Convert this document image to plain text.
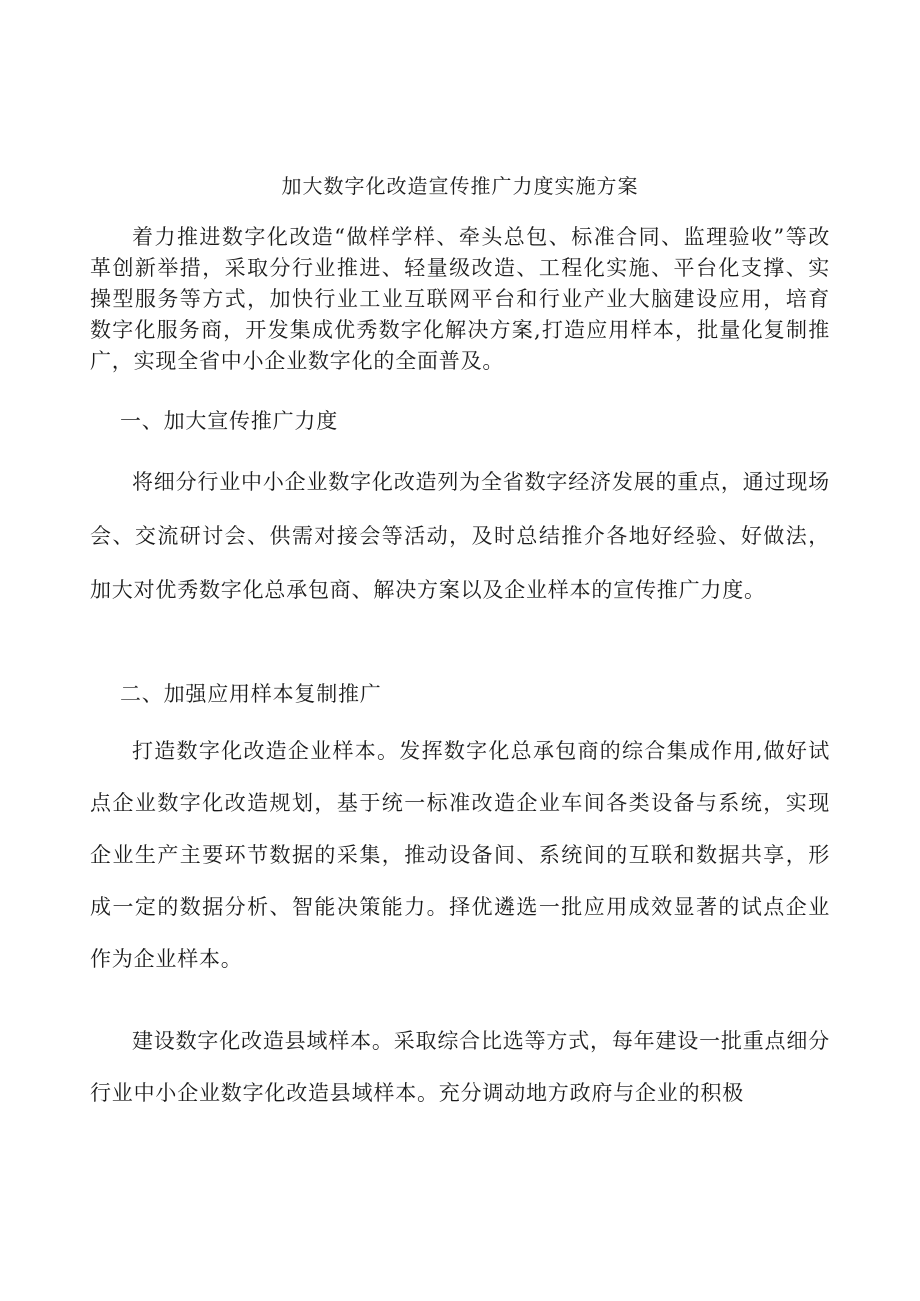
加大数字化改造宣传推广力度实施方案

着力推进数字化改造“做样学样、牵头总包、标准合同、监理验收”等改革创新举措，采取分行业推进、轻量级改造、工程化实施、平台化支撑、实操型服务等方式，加快行业工业互联网平台和行业产业大脑建设应用，培育数字化服务商，开发集成优秀数字化解决方案,打造应用样本，批量化复制推广，实现全省中小企业数字化的全面普及。

一、加大宣传推广力度

将细分行业中小企业数字化改造列为全省数字经济发展的重点，通过现场会、交流研讨会、供需对接会等活动，及时总结推介各地好经验、好做法，加大对优秀数字化总承包商、解决方案以及企业样本的宣传推广力度。

二、加强应用样本复制推广

打造数字化改造企业样本。发挥数字化总承包商的综合集成作用,做好试点企业数字化改造规划，基于统一标准改造企业车间各类设备与系统，实现企业生产主要环节数据的采集，推动设备间、系统间的互联和数据共享，形成一定的数据分析、智能决策能力。择优遴选一批应用成效显著的试点企业作为企业样本。

建设数字化改造县域样本。采取综合比选等方式，每年建设一批重点细分行业中小企业数字化改造县域样本。充分调动地方政府与企业的积极
